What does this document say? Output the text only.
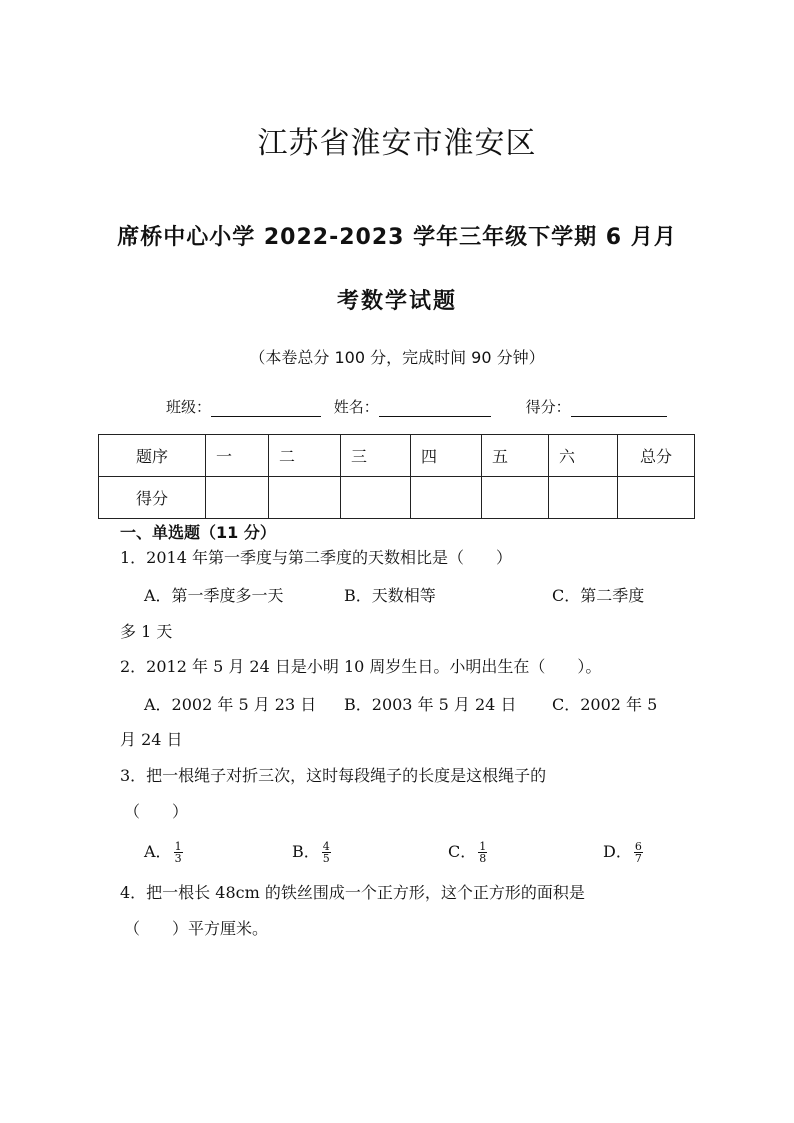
江苏省淮安市淮安区
席桥中心小学 2022-2023 学年三年级下学期 6 月月
考数学试题
（本卷总分 100 分，完成时间 90 分钟）
班级：	姓名：	得分：
题序	一	二	三	四	五	六	总分
得分							
一、单选题（11 分）
1．2014 年第一季度与第二季度的天数相比是（　　）
A．第一季度多一天	B．天数相等	C．第二季度
多 1 天
2．2012 年 5 月 24 日是小明 10 周岁生日。小明出生在（　　）。
A．2002 年 5 月 23 日 B．2003 年 5 月 24 日 C．2002 年 5
月 24 日
3．把一根绳子对折三次，这时每段绳子的长度是这根绳子的
（　　）
A． $\frac{1}{3}$	B． $\frac{4}{5}$	C． $\frac{1}{8}$	D． $\frac{6}{7}$
4．把一根长 48cm 的铁丝围成一个正方形，这个正方形的面积是
（　　）平方厘米。
